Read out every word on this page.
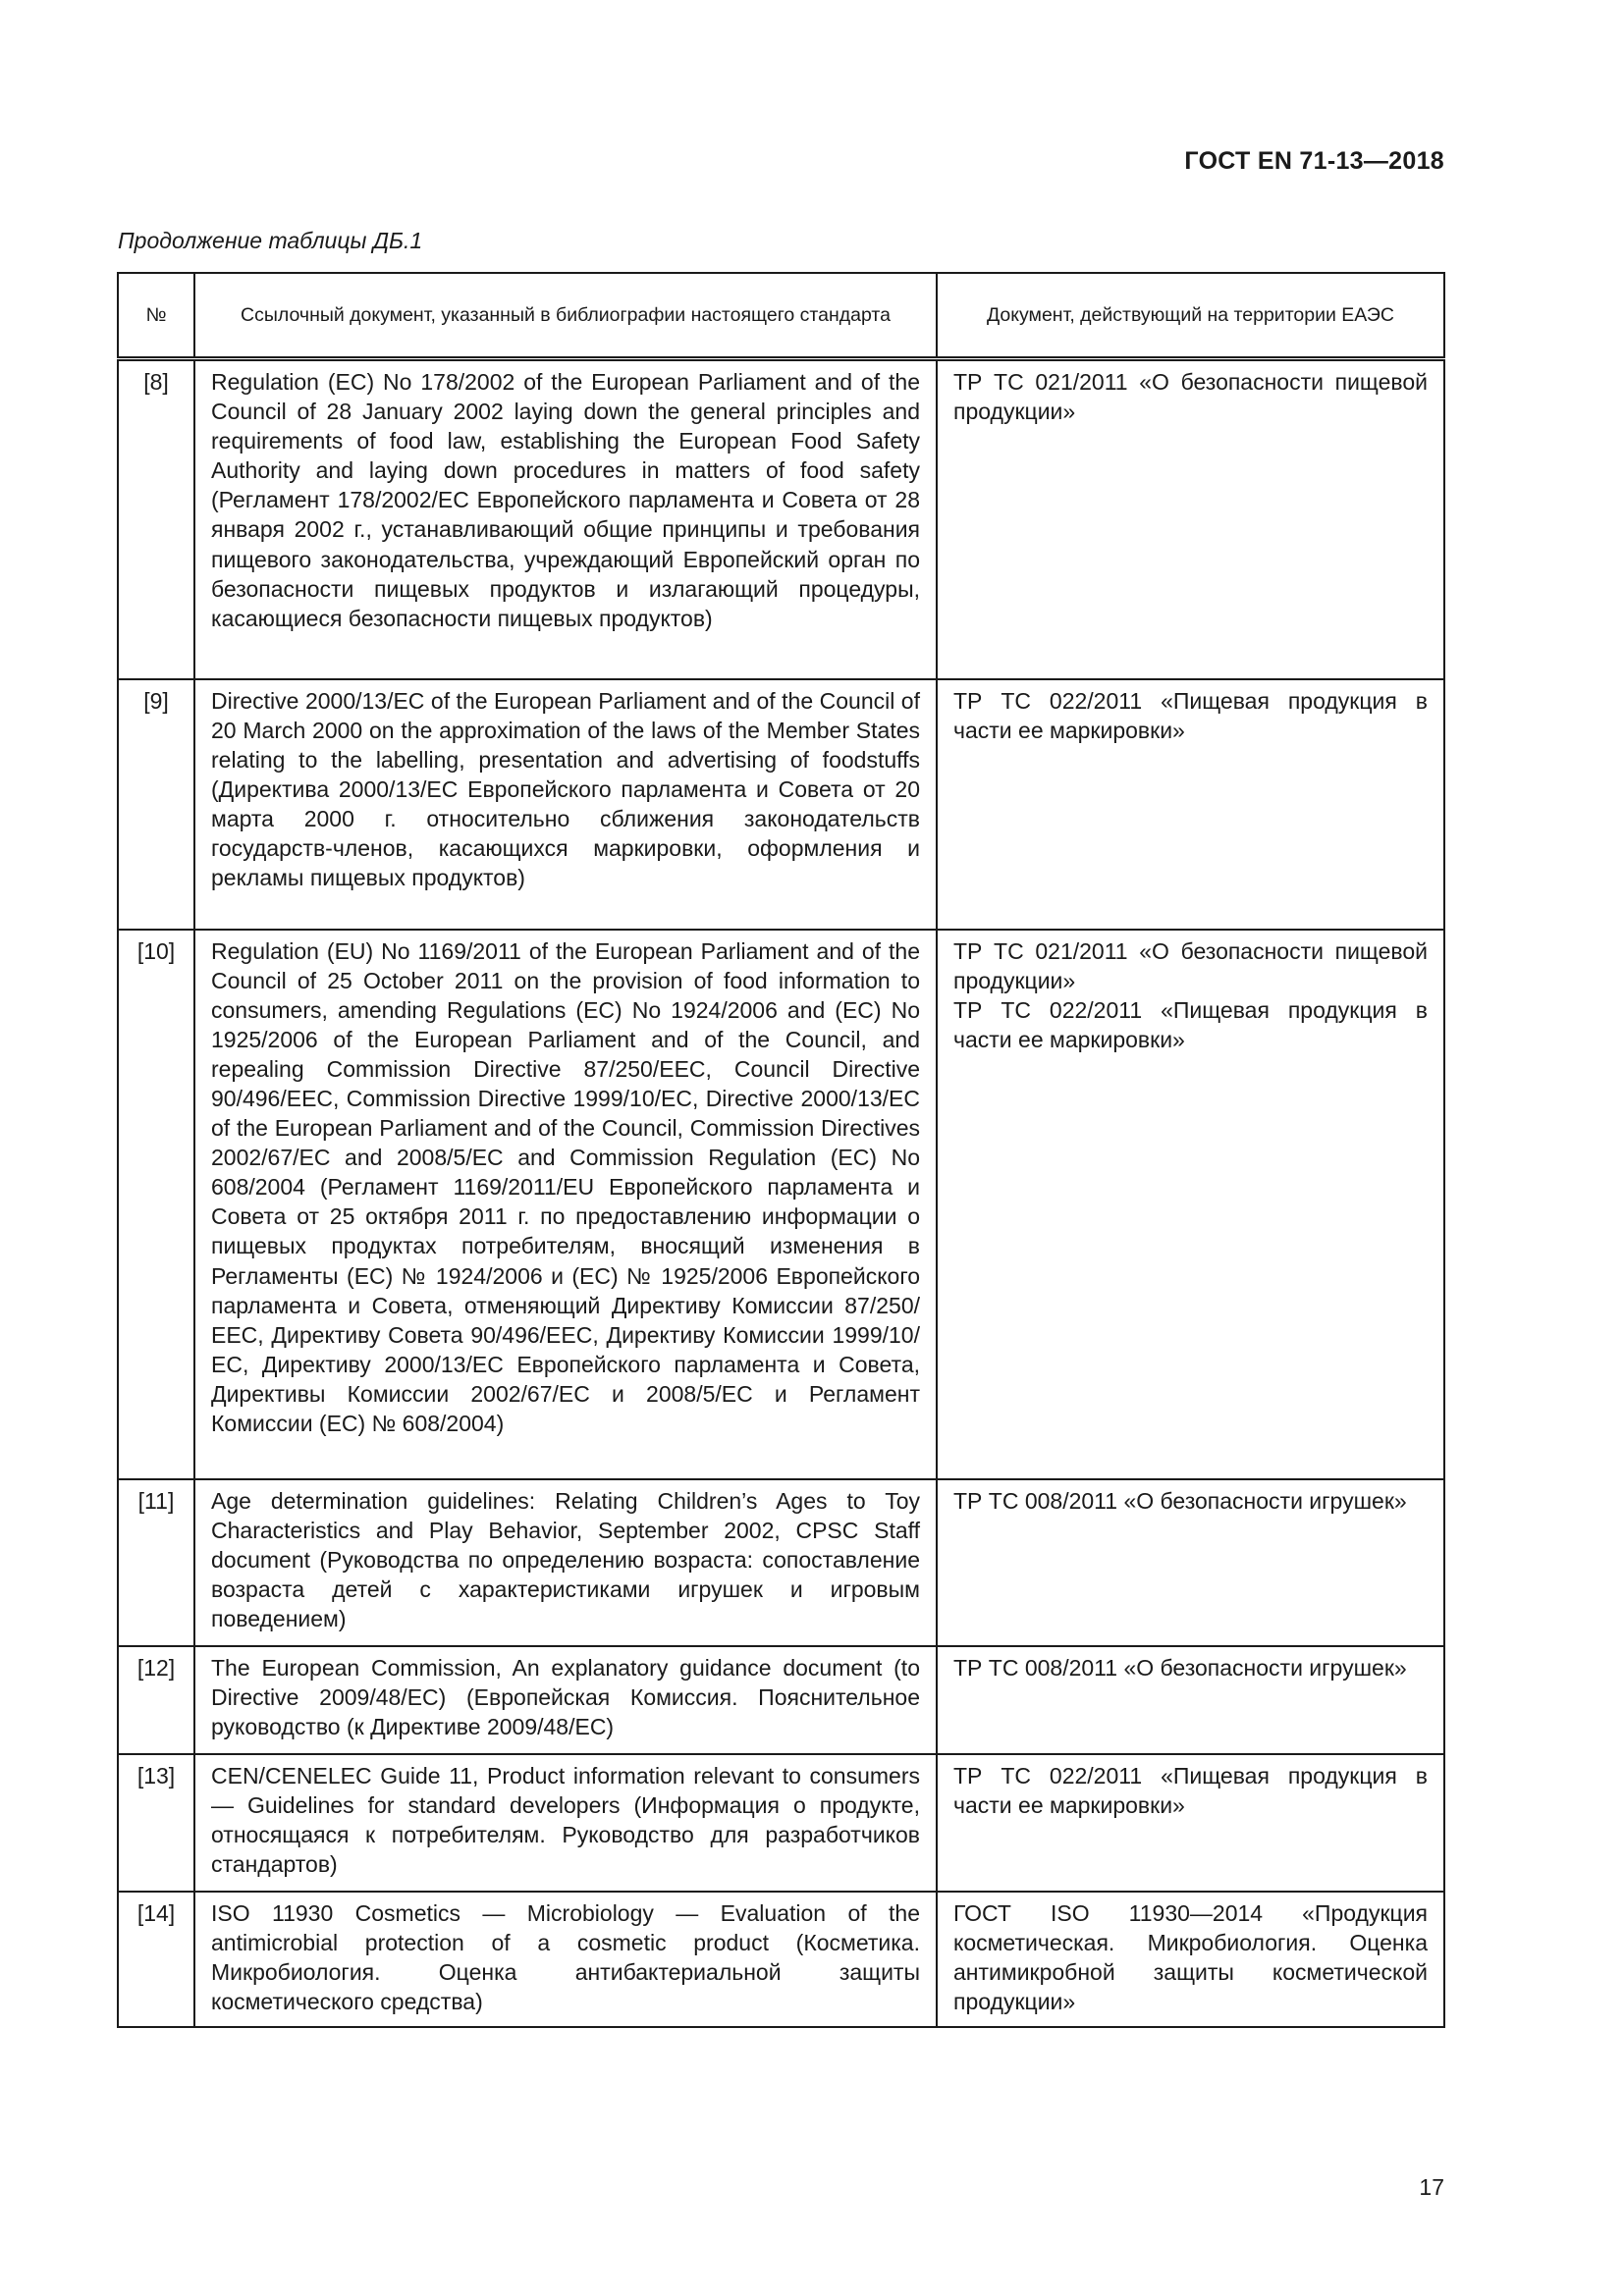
ГОСТ EN 71-13—2018
Продолжение таблицы ДБ.1
№	Ссылочный документ, указанный в библиографии настоящего стандарта	Документ, действующий на территории ЕАЭС
[8]	Regulation (EC) No 178/2002 of the European Parliament and of the Council of 28 January 2002 laying down the general principles and requirements of food law, establishing the European Food Safety Authority and laying down procedures in matters of food safety (Регламент 178/2002/ЕС Европейского парламента и Совета от 28 января 2002 г., устанавливающий общие принципы и требования пищевого законодательства, учреждающий Европейский орган по безопасности пищевых продуктов и излагающий процедуры, касающиеся безопасности пищевых продуктов)	ТР ТС 021/2011 «О безопасности пищевой продукции»

[9]	Directive 2000/13/EC of the European Parliament and of the Council of 20 March 2000 on the approximation of the laws of the Member States relating to the labelling, presentation and advertising of foodstuffs (Директива 2000/13/ЕС Европейского парламента и Совета от 20 марта 2000 г. относительно сближения законодательств государств-членов, касающихся маркировки, оформления и рекламы пищевых продуктов)	ТР ТС 022/2011 «Пищевая продукция в части ее маркировки»

[10]	Regulation (EU) No 1169/2011 of the European Parliament and of the Council of 25 October 2011 on the provision of food information to consumers, amending Regulations (EC) No 1924/2006 and (EC) No 1925/2006 of the European Parliament and of the Council, and repealing Commission Directive 87/250/EEC, Council Directive 90/496/EEC, Commission Directive 1999/10/EC, Directive 2000/13/EC of the European Parliament and of the Council, Commission Directives 2002/67/EC and 2008/5/EC and Commission Regulation (EC) No 608/2004 (Регламент 1169/2011/EU Европейского парламента и Совета от 25 октября 2011 г. по предоставлению информации о пищевых продуктах потребителям, вносящий изменения в Регламенты (ЕС) № 1924/2006 и (ЕС) № 1925/2006 Европейского парламента и Совета, отменяющий Директиву Комиссии 87/250/ЕЕС, Директиву Совета 90/496/ЕЕС, Директиву Комиссии 1999/10/ЕС, Директиву 2000/13/ЕС Европейского парламента и Совета, Директивы Комиссии 2002/67/ЕС и 2008/5/ЕС и Регламент Комиссии (ЕС) № 608/2004)	ТР ТС 021/2011 «О безопасности пищевой продукции»
ТР ТС 022/2011 «Пищевая продукция в части ее маркировки»

[11]	Age determination guidelines: Relating Children’s Ages to Toy Characteristics and Play Behavior, September 2002, CPSC Staff document (Руководства по определению возраста: сопоставление возраста детей с характеристиками игрушек и игровым поведением)	ТР ТС 008/2011 «О безопасности игрушек»

[12]	The European Commission, An explanatory guidance document (to Directive 2009/48/EC) (Европейская Комиссия. Пояснительное руководство (к Директиве 2009/48/ЕС)	ТР ТС 008/2011 «О безопасности игрушек»

[13]	CEN/CENELEC Guide 11, Product information relevant to consumers — Guidelines for standard developers (Информация о продукте, относящаяся к потребителям. Руководство для разработчиков стандартов)	ТР ТС 022/2011 «Пищевая продукция в части ее маркировки»

[14]	ISO 11930 Cosmetics — Microbiology — Evaluation of the antimicrobial protection of a cosmetic product (Косметика. Микробиология. Оценка антибактериальной защиты косметического средства)	ГОСТ ISO 11930—2014 «Продукция косметическая. Микробиология. Оценка антимикробной защиты косметической продукции»
17
